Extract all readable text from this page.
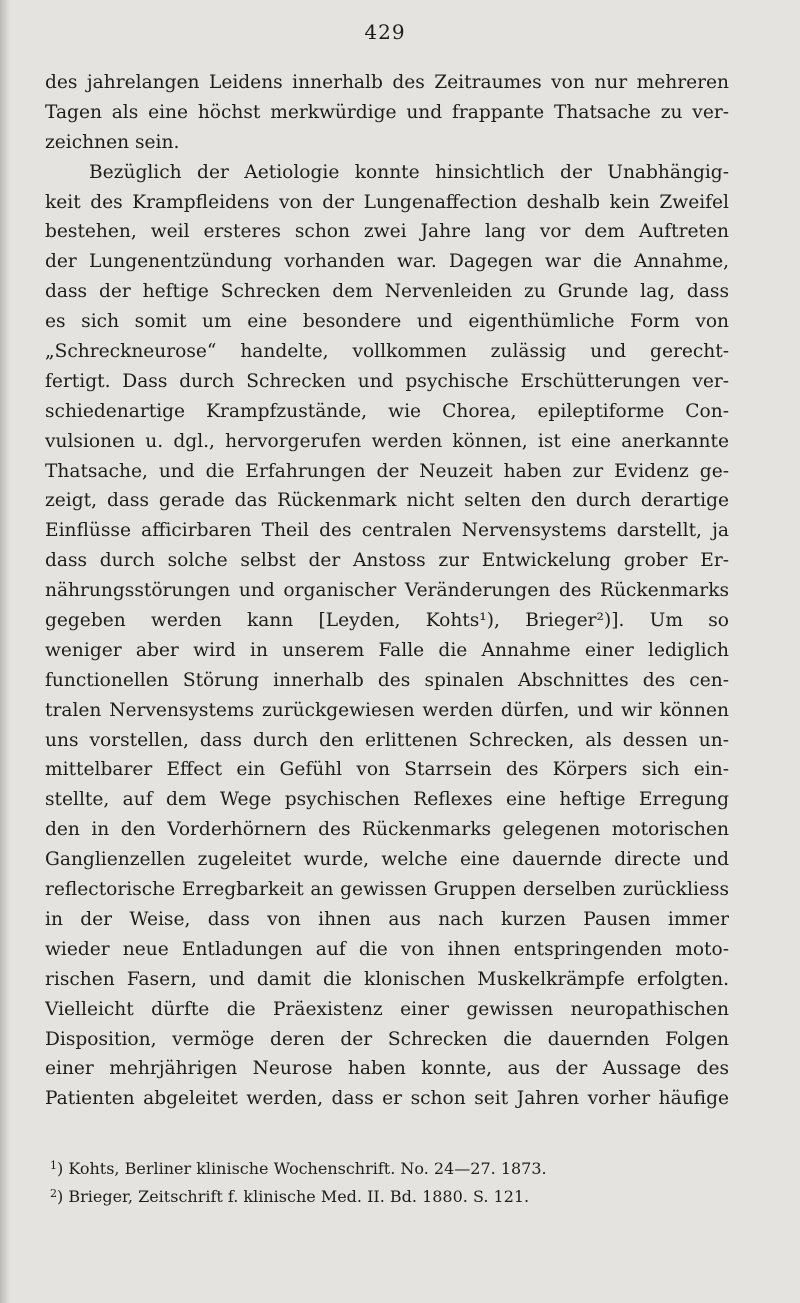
429
des jahrelangen Leidens innerhalb des Zeitraumes von nur mehreren
Tagen als eine höchst merkwürdige und frappante Thatsache zu ver-
zeichnen sein.
Bezüglich der Aetiologie konnte hinsichtlich der Unabhängig-
keit des Krampfleidens von der Lungenaffection deshalb kein Zweifel
bestehen, weil ersteres schon zwei Jahre lang vor dem Auftreten
der Lungenentzündung vorhanden war. Dagegen war die Annahme,
dass der heftige Schrecken dem Nervenleiden zu Grunde lag, dass
es sich somit um eine besondere und eigenthümliche Form von
„Schreckneurose“ handelte, vollkommen zulässig und gerecht-
fertigt. Dass durch Schrecken und psychische Erschütterungen ver-
schiedenartige Krampfzustände, wie Chorea, epileptiforme Con-
vulsionen u. dgl., hervorgerufen werden können, ist eine anerkannte
Thatsache, und die Erfahrungen der Neuzeit haben zur Evidenz ge-
zeigt, dass gerade das Rückenmark nicht selten den durch derartige
Einflüsse afficirbaren Theil des centralen Nervensystems darstellt, ja
dass durch solche selbst der Anstoss zur Entwickelung grober Er-
nährungsstörungen und organischer Veränderungen des Rückenmarks
gegeben werden kann [Leyden, Kohts¹), Brieger²)]. Um so
weniger aber wird in unserem Falle die Annahme einer lediglich
functionellen Störung innerhalb des spinalen Abschnittes des cen-
tralen Nervensystems zurückgewiesen werden dürfen, und wir können
uns vorstellen, dass durch den erlittenen Schrecken, als dessen un-
mittelbarer Effect ein Gefühl von Starrsein des Körpers sich ein-
stellte, auf dem Wege psychischen Reflexes eine heftige Erregung
den in den Vorderhörnern des Rückenmarks gelegenen motorischen
Ganglienzellen zugeleitet wurde, welche eine dauernde directe und
reflectorische Erregbarkeit an gewissen Gruppen derselben zurückliess
in der Weise, dass von ihnen aus nach kurzen Pausen immer
wieder neue Entladungen auf die von ihnen entspringenden moto-
rischen Fasern, und damit die klonischen Muskelkrämpfe erfolgten.
Vielleicht dürfte die Präexistenz einer gewissen neuropathischen
Disposition, vermöge deren der Schrecken die dauernden Folgen
einer mehrjährigen Neurose haben konnte, aus der Aussage des
Patienten abgeleitet werden, dass er schon seit Jahren vorher häufige
$^1$) Kohts, Berliner klinische Wochenschrift. No. 24—27. 1873.
$^2$) Brieger, Zeitschrift f. klinische Med. II. Bd. 1880. S. 121.
